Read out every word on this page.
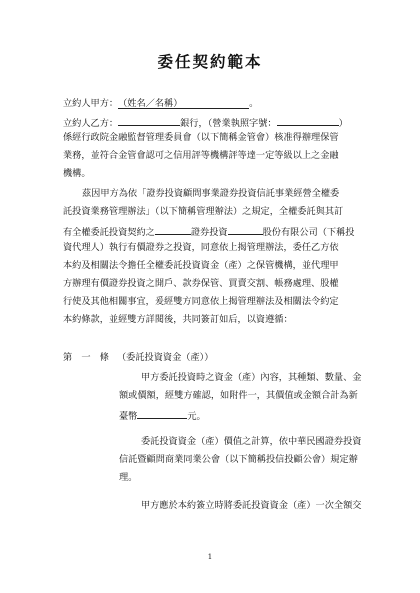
委任契約範本
立約人甲方：（姓名／名稱）	。
立約人乙方：	銀行，（營業執照字號：	）
係經行政院金融監督管理委員會（以下簡稱金管會）核准得辦理保管
業務，並符合金管會認可之信用評等機構評等達一定等級以上之金融
機構。
茲因甲方為依「證券投資顧問事業證券投資信託事業經營全權委
託投資業務管理辦法」（以下簡稱管理辦法）之規定，全權委託與其訂
有全權委託投資契約之	證券投資	股份有限公司（下稱投
資代理人）執行有價證券之投資，同意依上揭管理辦法，委任乙方依
本約及相關法令擔任全權委託投資資金（產）之保管機構，並代理甲
方辦理有價證券投資之開戶、款券保管、買賣交割、帳務處理、股權
行使及其他相關事宜，爰經雙方同意依上揭管理辦法及相關法令約定
本約條款，並經雙方詳閱後，共同簽訂如后，以資遵循：
第　一　條 （委託投資資金（產））
甲方委託投資時之資金（產）內容，其種類、數量、金
額或價額，經雙方確認，如附件一，其價值或金額合計為新
臺幣	元。
委託投資資金（產）價值之計算，依中華民國證券投資
信託暨顧問商業同業公會（以下簡稱投信投顧公會）規定辦
理。
甲方應於本約簽立時將委託投資資金（產）一次全額交
1
